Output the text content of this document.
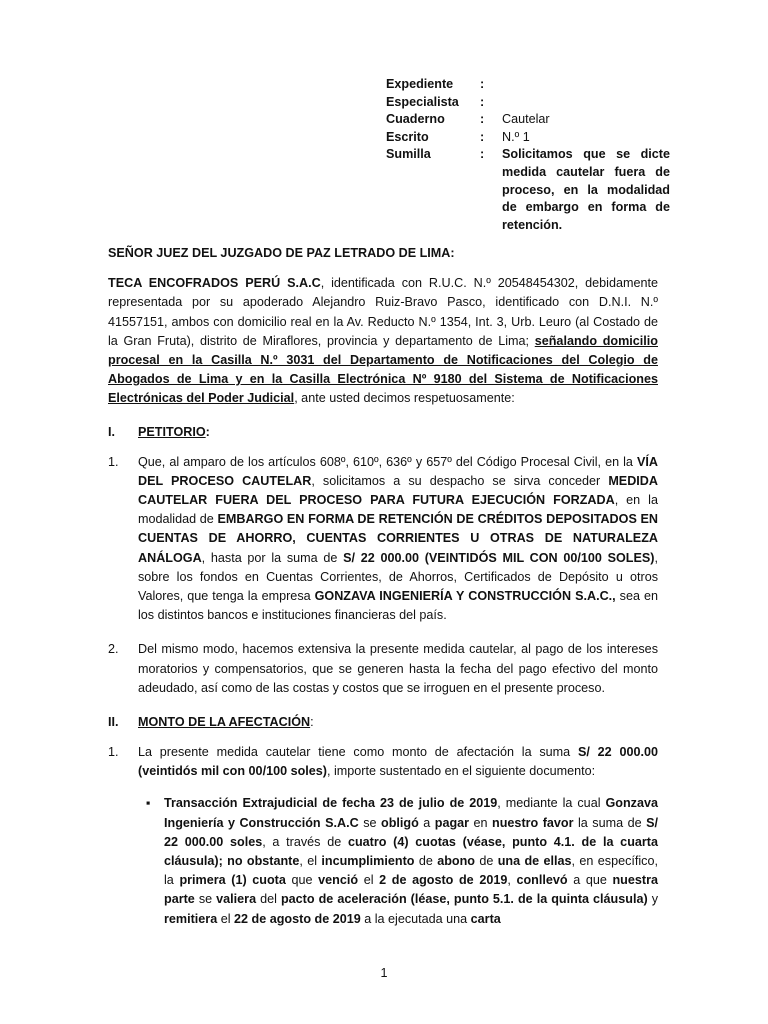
Expediente	:
Especialista	:
Cuaderno	:	Cautelar
Escrito	:	N.º 1
Sumilla	:	Solicitamos que se dicte medida cautelar fuera de proceso, en la modalidad de embargo en forma de retención.

SEÑOR JUEZ DEL JUZGADO DE PAZ LETRADO DE LIMA:

TECA ENCOFRADOS PERÚ S.A.C, identificada con R.U.C. N.º 20548454302, debidamente representada por su apoderado Alejandro Ruiz-Bravo Pasco, identificado con D.N.I. N.º 41557151, ambos con domicilio real en la Av. Reducto N.º 1354, Int. 3, Urb. Leuro (al Costado de la Gran Fruta), distrito de Miraflores, provincia y departamento de Lima; señalando domicilio procesal en la Casilla N.º 3031 del Departamento de Notificaciones del Colegio de Abogados de Lima y en la Casilla Electrónica Nº 9180 del Sistema de Notificaciones Electrónicas del Poder Judicial, ante usted decimos respetuosamente:

I.	PETITORIO:
1.	Que, al amparo de los artículos 608º, 610º, 636º y 657º del Código Procesal Civil, en la VÍA DEL PROCESO CAUTELAR, solicitamos a su despacho se sirva conceder MEDIDA CAUTELAR FUERA DEL PROCESO PARA FUTURA EJECUCIÓN FORZADA, en la modalidad de EMBARGO EN FORMA DE RETENCIÓN DE CRÉDITOS DEPOSITADOS EN CUENTAS DE AHORRO, CUENTAS CORRIENTES U OTRAS DE NATURALEZA ANÁLOGA, hasta por la suma de S/ 22 000.00 (VEINTIDÓS MIL CON 00/100 SOLES), sobre los fondos en Cuentas Corrientes, de Ahorros, Certificados de Depósito u otros Valores, que tenga la empresa GONZAVA INGENIERÍA Y CONSTRUCCIÓN S.A.C., sea en los distintos bancos e instituciones financieras del país.

2.	Del mismo modo, hacemos extensiva la presente medida cautelar, al pago de los intereses moratorios y compensatorios, que se generen hasta la fecha del pago efectivo del monto adeudado, así como de las costas y costos que se irroguen en el presente proceso.

II.	MONTO DE LA AFECTACIÓN:
1.	La presente medida cautelar tiene como monto de afectación la suma S/ 22 000.00 (veintidós mil con 00/100 soles), importe sustentado en el siguiente documento:

▪	Transacción Extrajudicial de fecha 23 de julio de 2019, mediante la cual Gonzava Ingeniería y Construcción S.A.C se obligó a pagar en nuestro favor la suma de S/ 22 000.00 soles, a través de cuatro (4) cuotas (véase, punto 4.1. de la cuarta cláusula); no obstante, el incumplimiento de abono de una de ellas, en específico, la primera (1) cuota que venció el 2 de agosto de 2019, conllevó a que nuestra parte se valiera del pacto de aceleración (léase, punto 5.1. de la quinta cláusula) y remitiera el 22 de agosto de 2019 a la ejecutada una carta

1
